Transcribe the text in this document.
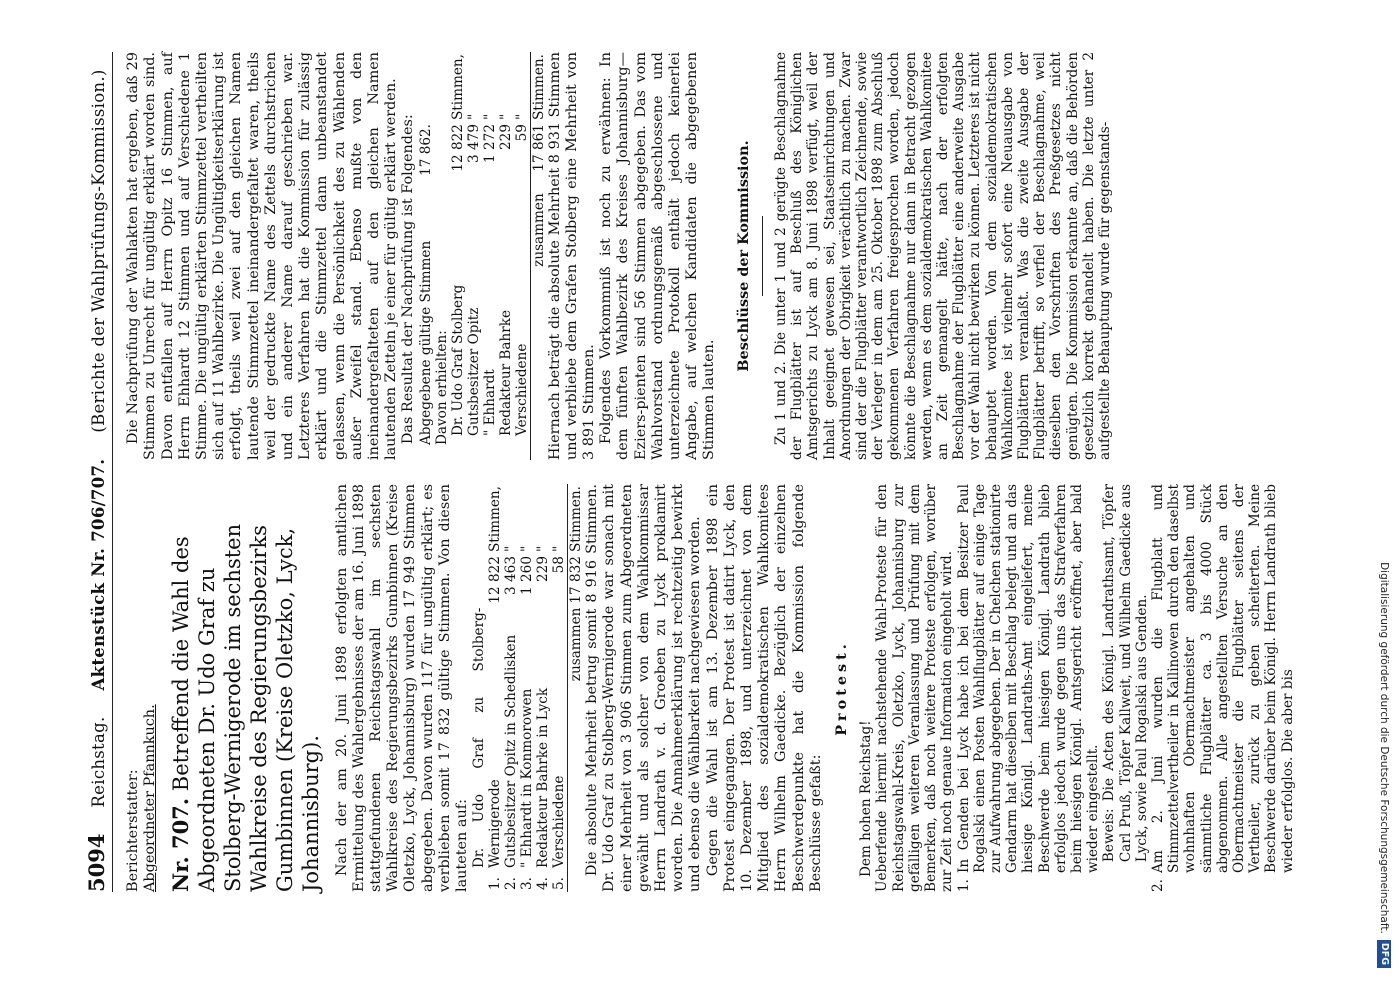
5094
Reichstag.
Aktenstück Nr. 706/707.
(Berichte der Wahlprüfungs-Kommission.)

Berichterstatter: Abgeordneter Pfannkuch. Nr. 707. Betreffend die Wahl des Abgeordneten Dr. Udo Graf zu Stolberg-Wernigerode im sechsten Wahlkreise des Regierungsbezirks Gumbinnen (Kreise Oletzko, Lyck, Johannisburg). Nach der am 20. Juni 1898 erfolgten amtlichen Ermittelung des Wahlergebnisses der am 16. Juni 1898 stattgefundenen Reichstagswahl im sechsten Wahlkreise des Regierungsbezirks Gumbinnen (Kreise Oletzko, Lyck, Johannisburg) wurden 17 949 Stimmen abgegeben. Davon wurden 117 für ungültig erklärt; es verblieben somit 17 832 gültige Stimmen. Von diesen lauteten auf: 1.	Dr. Udo Graf zu Stolberg-Wernigerode	12 822	Stimmen,
2.	Gutsbesitzer Opitz in Schedlisken	3 463	"
3.	" Ehhardt in Konmorowen	1 260	"
4.	Redakteur Bahrke in Lyck	229	"
5.	Verschiedene	58	"
	zusammen	17 832	Stimmen. Die absolute Mehrheit betrug somit 8 916 Stimmen. Dr. Udo Graf zu Stolberg-Wernigerode war sonach mit einer Mehrheit von 3 906 Stimmen zum Abgeordneten gewählt und als solcher von dem Wahlkommissar Herrn Landrath v. d. Groeben zu Lyck proklamirt worden. Die Annahmeerklärung ist rechtzeitig bewirkt und ebenso die Wählbarkeit nachgewiesen worden. Gegen die Wahl ist am 13. Dezember 1898 ein Protest eingegangen. Der Protest ist datirt Lyck, den 10. Dezember 1898, und unterzeichnet von dem Mitglied des sozialdemokratischen Wahlkomitees Herrn Wilhelm Gaedicke. Bezüglich der einzelnen Beschwerdepunkte hat die Kommission folgende Beschlüsse gefaßt:

Protest.

Dem hohen Reichstag! Ueberfende hiermit nachstehende Wahl-Proteste für den Reichstagswahl-Kreis, Oletzko, Lyck, Johannisburg zur gefälligen weiteren Veranlassung und Prüfung mit dem Bemerken, daß noch weitere Proteste erfolgen, worüber zur Zeit noch genaue Information eingeholt wird. 1.
In Genden bei Lyck habe ich bei dem Besitzer Paul Rogalski einen Posten Wahlflugblätter auf einige Tage zur Aufwahrung abgegeben. Der in Chelchen stationirte Gendarm hat dieselben mit Beschlag belegt und an das hiesige Königl. Landraths-Amt eingeliefert, meine Beschwerde beim hiesigen Königl. Landrath blieb erfolglos jedoch wurde gegen uns das Strafverfahren beim hiesigen Königl. Amtsgericht eröffnet, aber bald wieder eingestellt. Beweis: Die Acten des Königl. Landrathsamt, Töpfer Carl Pruß, Töpfer Kallweit, und Wilhelm Gaedicke aus Lyck, sowie Paul Rogalski aus Genden.

2.
Am 2. Juni wurden die Flugblatt und Stimmzettelvertheiler in Kallinowen durch den daselbst wohnhaften Obermachtmeister angehalten und sämmtliche Flugblätter ca. 3 bis 4000 Stück abgenommen. Alle angestellten Versuche an den Obermachtmeister die Flugblätter seitens der Vertheiler, zurück zu geben scheiterten. Meine Beschwerde darüber beim Königl. Herrn Landrath blieb wieder erfolglos. Die aber bis

Die Nachprüfung der Wahlakten hat ergeben, daß 29 Stimmen zu Unrecht für ungültig erklärt worden sind. Davon entfallen auf Herrn Opitz 16 Stimmen, auf Herrn Ehhardt 12 Stimmen und auf Verschiedene 1 Stimme. Die ungültig erklärten Stimmzettel vertheilten sich auf 11 Wahlbezirke. Die Ungültigkeitserklärung ist erfolgt, theils weil zwei auf den gleichen Namen lautende Stimmzettel ineinandergefaltet waren, theils weil der gedruckte Name des Zettels durchstrichen und ein anderer Name darauf geschrieben war. Letzteres Verfahren hat die Kommission für zulässig erklärt und die Stimmzettel dann unbeanstandet gelassen, wenn die Persönlichkeit des zu Wählenden außer Zweifel stand. Ebenso mußte von den ineinandergefalteten auf den gleichen Namen lautenden Zetteln je einer für gültig erklärt werden. Das Resultat der Nachprüfung ist Folgendes: Abgegebene gültige Stimmen		17 862.	
Davon erhielten:			
	Dr. Udo Graf Stolberg	12 822	Stimmen,
	Gutsbesitzer Opitz	3 479	"
	" Ehhardt	1 272	"
	Redakteur Bahrke	229	"
	Verschiedene	59	"
	zusammen	17 861	Stimmen. Hiernach beträgt die absolute Mehrheit 8 931 Stimmen und verbliebe dem Grafen Stolberg eine Mehrheit von 3 891 Stimmen. Folgendes Vorkommniß ist noch zu erwähnen: In dem fünften Wahlbezirk des Kreises Johannisburg—Eziers-pienten sind 56 Stimmen abgegeben. Das vom Wahlvorstand ordnungsgemäß abgeschlossene und unterzeichnete Protokoll enthält jedoch keinerlei Angabe, auf welchen Kandidaten die abgegebenen Stimmen lauten.

Beschlüsse der Kommission. Zu 1 und 2. Die unter 1 und 2 gerügte Beschlagnahme der Flugblätter ist auf Beschluß des Königlichen Amtsgerichts zu Lyck am 8. Juni 1898 verfügt, weil der Inhalt geeignet gewesen sei, Staatseinrichtungen und Anordnungen der Obrigkeit verächtlich zu machen. Zwar sind der die Flugblätter verantwortlich Zeichnende, sowie der Verleger in dem am 25. Oktober 1898 zum Abschluß gekommenen Verfahren freigesprochen worden, jedoch könnte die Beschlagnahme nur dann in Betracht gezogen werden, wenn es dem sozialdemokratischen Wahlkomitee an Zeit gemangelt hätte, nach der erfolgten Beschlagnahme der Flugblätter eine anderweite Ausgabe vor der Wahl nicht bewirken zu können. Letzteres ist nicht behauptet worden. Von dem sozialdemokratischen Wahlkomitee ist vielmehr sofort eine Neuausgabe von Flugblättern veranlaßt. Was die zweite Ausgabe der Flugblätter betrifft, so verfiel der Beschlagnahme, weil dieselben den Vorschriften des Preßgesetzes nicht genügten. Die Kommission erkannte an, daß die Behörden gesetzlich korrekt gehandelt haben. Die letzte unter 2 aufgestellte Behauptung wurde für gegenstands-

Digitalisierung gefördert durch die Deutsche Forschungsgemeinschaft.
DFG
